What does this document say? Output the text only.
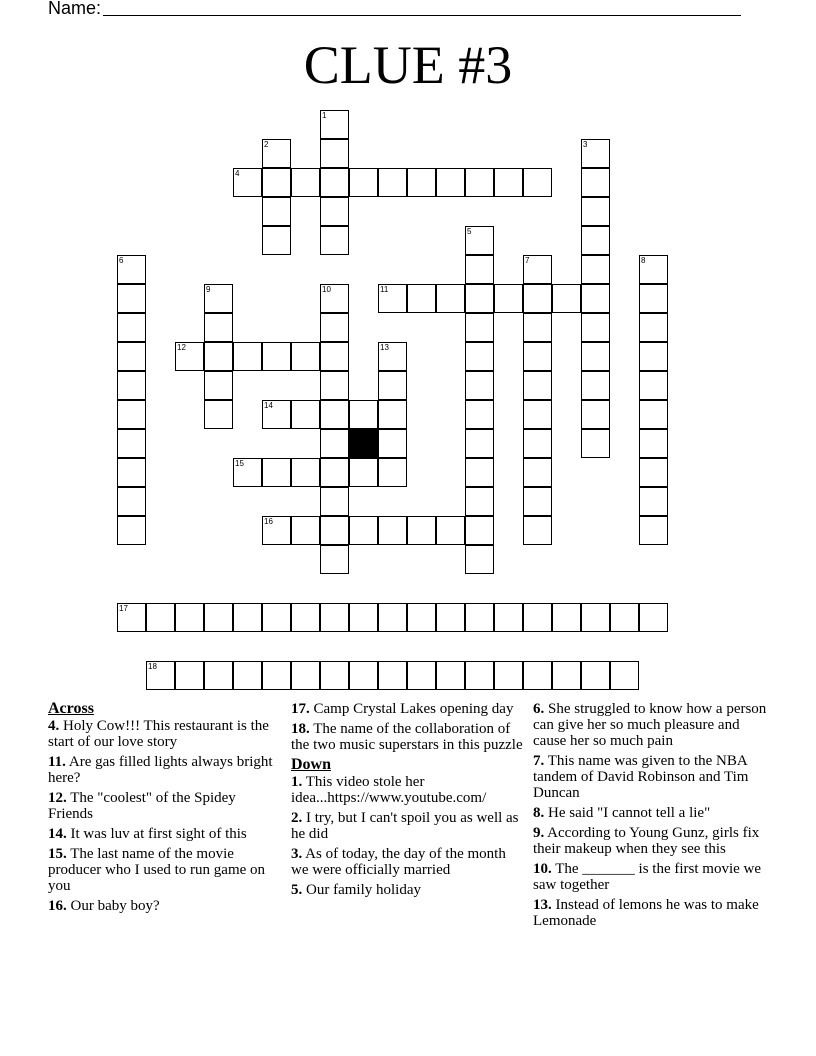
Name:
CLUE #3
1
2	3
4
5
6	7	8
9	10	11
12	13
14
15
16
17
18
Across
4. Holy Cow!!! This restaurant is the start of our love story
11. Are gas filled lights always bright here?
12. The "coolest" of the Spidey Friends
14. It was luv at first sight of this
15. The last name of the movie producer who I used to run game on you
16. Our baby boy?
17. Camp Crystal Lakes opening day
18. The name of the collaboration of the two music superstars in this puzzle
Down
1. This video stole her idea...https://www.youtube.com/
2. I try, but I can't spoil you as well as he did
3. As of today, the day of the month we were officially married
5. Our family holiday
6. She struggled to know how a person can give her so much pleasure and cause her so much pain
7. This name was given to the NBA tandem of David Robinson and Tim Duncan
8. He said "I cannot tell a lie"
9. According to Young Gunz, girls fix their makeup when they see this
10. The _______ is the first movie we saw together
13. Instead of lemons he was to make Lemonade
